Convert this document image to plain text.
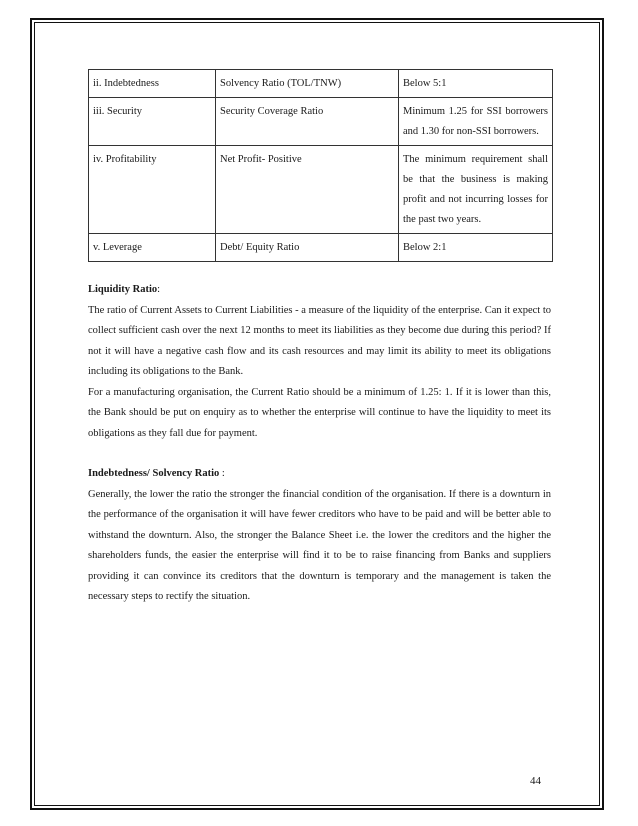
ii. Indebtedness	Solvency Ratio (TOL/TNW)	Below 5:1
iii. Security	Security Coverage Ratio	Minimum 1.25 for SSI borrowers and 1.30 for non-SSI borrowers.
iv. Profitability	Net Profit- Positive	The minimum requirement shall be that the business is making profit and not incurring losses for the past two years.
v. Leverage	Debt/ Equity Ratio	Below 2:1

Liquidity Ratio:

The ratio of Current Assets to Current Liabilities - a measure of the liquidity of the enterprise. Can it expect to collect sufficient cash over the next 12 months to meet its liabilities as they become due during this period? If not it will have a negative cash flow and its cash resources and may limit its ability to meet its obligations including its obligations to the Bank.

For a manufacturing organisation, the Current Ratio should be a minimum of 1.25: 1. If it is lower than this, the Bank should be put on enquiry as to whether the enterprise will continue to have the liquidity to meet its obligations as they fall due for payment.

Indebtedness/ Solvency Ratio :

Generally, the lower the ratio the stronger the financial condition of the organisation. If there is a downturn in the performance of the organisation it will have fewer creditors who have to be paid and will be better able to withstand the downturn. Also, the stronger the Balance Sheet i.e. the lower the creditors and the higher the shareholders funds, the easier the enterprise will find it to be to raise financing from Banks and suppliers providing it can convince its creditors that the downturn is temporary and the management is taken the necessary steps to rectify the situation.

44
